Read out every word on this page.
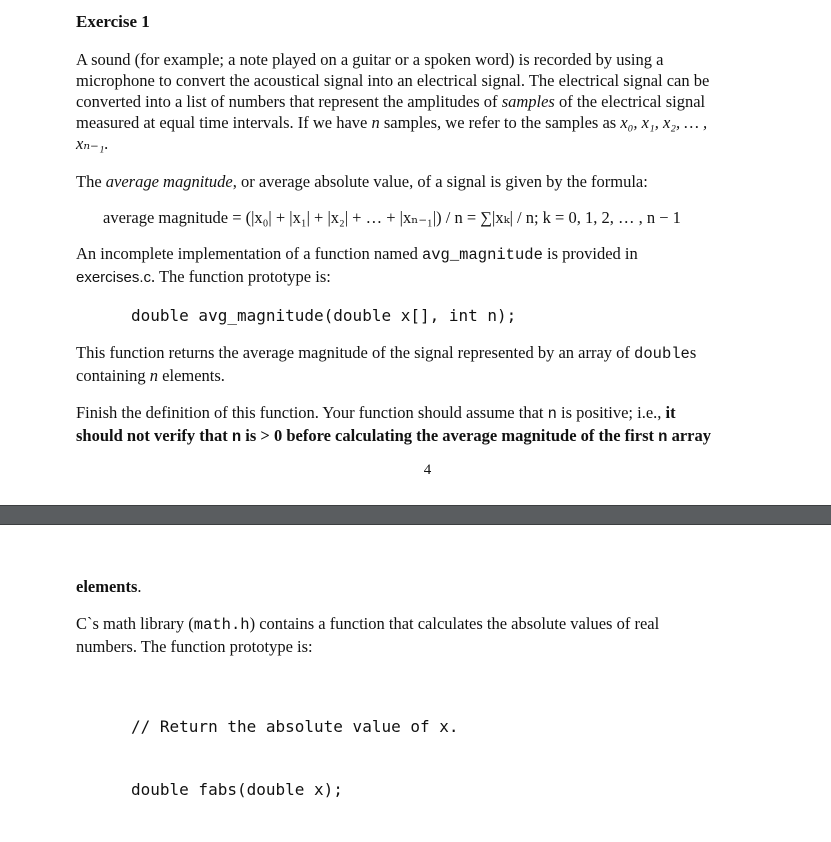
Exercise 1

A sound (for example; a note played on a guitar or a spoken word) is recorded by using a
microphone to convert the acoustical signal into an electrical signal. The electrical signal can be
converted into a list of numbers that represent the amplitudes of samples of the electrical signal
measured at equal time intervals. If we have n samples, we refer to the samples as x₀, x₁, x₂, … ,
xₙ₋₁.

The average magnitude, or average absolute value, of a signal is given by the formula:

average magnitude = (|x₀| + |x₁| + |x₂| + … + |xₙ₋₁|) / n = ∑|xₖ| / n; k = 0, 1, 2, … , n − 1

An incomplete implementation of a function named avg_magnitude is provided in
exercises.c. The function prototype is:

double avg_magnitude(double x[], int n);

This function returns the average magnitude of the signal represented by an array of doubles
containing n elements.

Finish the definition of this function. Your function should assume that n is positive; i.e., it
should not verify that n is > 0 before calculating the average magnitude of the first n array

4

elements.

C`s math library (math.h) contains a function that calculates the absolute values of real
numbers. The function prototype is:

// Return the absolute value of x.

double fabs(double x);
